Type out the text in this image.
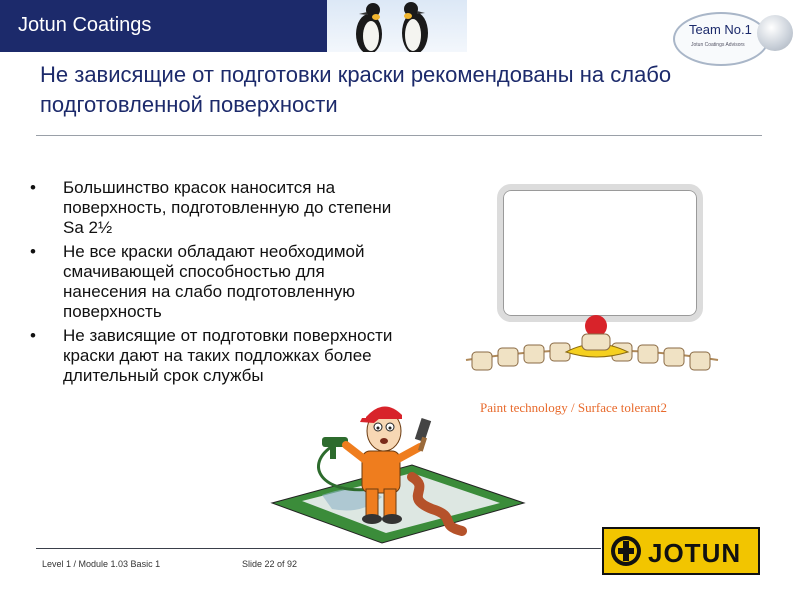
Jotun Coatings	Team No.1
Jotun Coatings Advisors
Не зависящие от подготовки краски рекомендованы на слабо подготовленной поверхности
• Большинство красок наносится на поверхность, подготовленную до степени Sa 2½
• Не все краски обладают необходимой смачивающей способностью для нанесения на слабо подготовленную поверхность
• Не зависящие от подготовки поверхности краски дают на таких подложках более длительный срок службы
Paint technology / Surface tolerant2
Level 1 / Module 1.03 Basic 1	Slide 22 of 92	JOTUN
